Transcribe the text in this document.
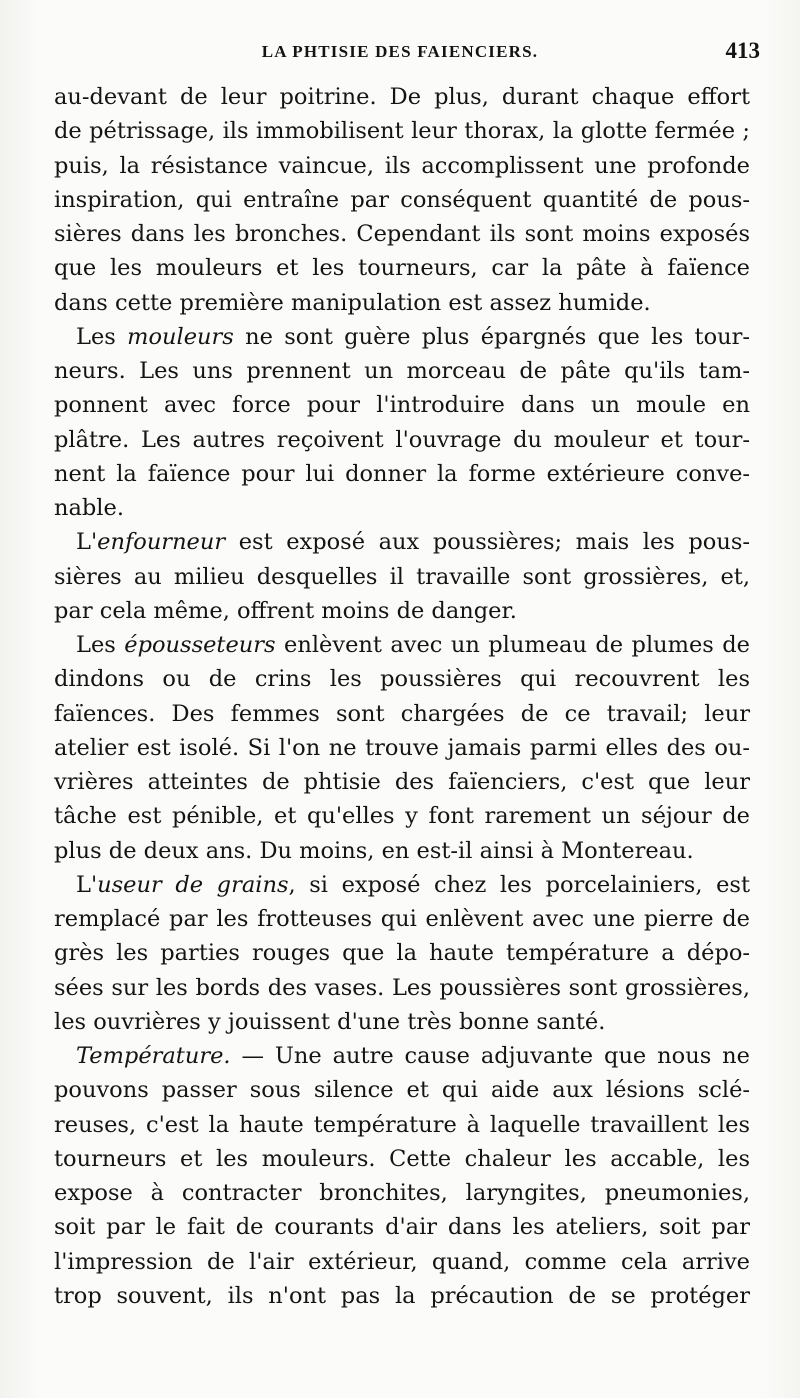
LA PHTISIE DES FAIENCIERS.	413
au-devant de leur poitrine. De plus, durant chaque effort
de pétrissage, ils immobilisent leur thorax, la glotte fermée ;
puis, la résistance vaincue, ils accomplissent une profonde
inspiration, qui entraîne par conséquent quantité de pous-
sières dans les bronches. Cependant ils sont moins exposés
que les mouleurs et les tourneurs, car la pâte à faïence
dans cette première manipulation est assez humide.
Les mouleurs ne sont guère plus épargnés que les tour-
neurs. Les uns prennent un morceau de pâte qu'ils tam-
ponnent avec force pour l'introduire dans un moule en
plâtre. Les autres reçoivent l'ouvrage du mouleur et tour-
nent la faïence pour lui donner la forme extérieure conve-
nable.
L'enfourneur est exposé aux poussières; mais les pous-
sières au milieu desquelles il travaille sont grossières, et,
par cela même, offrent moins de danger.
Les épousseteurs enlèvent avec un plumeau de plumes de
dindons ou de crins les poussières qui recouvrent les
faïences. Des femmes sont chargées de ce travail; leur
atelier est isolé. Si l'on ne trouve jamais parmi elles des ou-
vrières atteintes de phtisie des faïenciers, c'est que leur
tâche est pénible, et qu'elles y font rarement un séjour de
plus de deux ans. Du moins, en est-il ainsi à Montereau.
L'useur de grains, si exposé chez les porcelainiers, est
remplacé par les frotteuses qui enlèvent avec une pierre de
grès les parties rouges que la haute température a dépo-
sées sur les bords des vases. Les poussières sont grossières,
les ouvrières y jouissent d'une très bonne santé.
Température. — Une autre cause adjuvante que nous ne
pouvons passer sous silence et qui aide aux lésions sclé-
reuses, c'est la haute température à laquelle travaillent les
tourneurs et les mouleurs. Cette chaleur les accable, les
expose à contracter bronchites, laryngites, pneumonies,
soit par le fait de courants d'air dans les ateliers, soit par
l'impression de l'air extérieur, quand, comme cela arrive
trop souvent, ils n'ont pas la précaution de se protéger
